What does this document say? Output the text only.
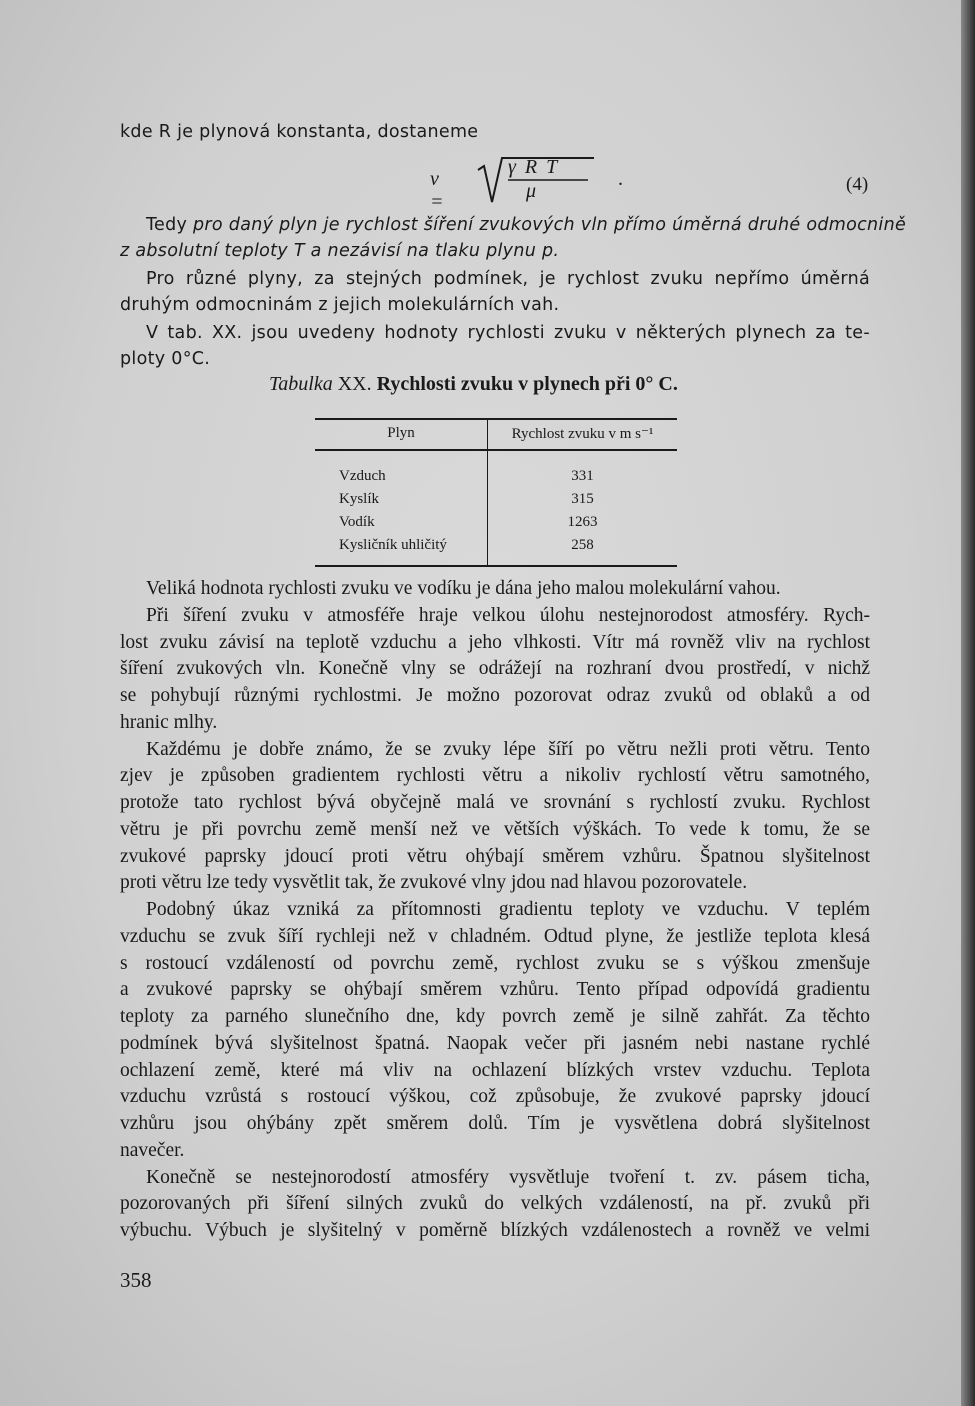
kde R je plynová konstanta, dostaneme
v =
γ R T
μ
.	(4)
Tedy pro daný plyn je rychlost šíření zvukových vln přímo úměrná druhé odmocnině
z absolutní teploty T a nezávisí na tlaku plynu p.
Pro různé plyny, za stejných podmínek, je rychlost zvuku nepřímo úměrná
druhým odmocninám z jejich molekulárních vah.
V tab. XX. jsou uvedeny hodnoty rychlosti zvuku v některých plynech za te-
ploty 0°C.
Tabulka XX. Rychlosti zvuku v plynech při 0° C.
Plyn	Rychlost zvuku v m s⁻¹

Vzduch	331
Kyslík	315
Vodík	1263
Kysličník uhličitý	258
Veliká hodnota rychlosti zvuku ve vodíku je dána jeho malou molekulární vahou.
Při šíření zvuku v atmosféře hraje velkou úlohu nestejnorodost atmosféry. Rych-
lost zvuku závisí na teplotě vzduchu a jeho vlhkosti. Vítr má rovněž vliv na rychlost
šíření zvukových vln. Konečně vlny se odrážejí na rozhraní dvou prostředí, v nichž
se pohybují různými rychlostmi. Je možno pozorovat odraz zvuků od oblaků a od
hranic mlhy.
Každému je dobře známo, že se zvuky lépe šíří po větru nežli proti větru. Tento
zjev je způsoben gradientem rychlosti větru a nikoliv rychlostí větru samotného,
protože tato rychlost bývá obyčejně malá ve srovnání s rychlostí zvuku. Rychlost
větru je při povrchu země menší než ve větších výškách. To vede k tomu, že se
zvukové paprsky jdoucí proti větru ohýbají směrem vzhůru. Špatnou slyšitelnost
proti větru lze tedy vysvětlit tak, že zvukové vlny jdou nad hlavou pozorovatele.
Podobný úkaz vzniká za přítomnosti gradientu teploty ve vzduchu. V teplém
vzduchu se zvuk šíří rychleji než v chladném. Odtud plyne, že jestliže teplota klesá
s rostoucí vzdáleností od povrchu země, rychlost zvuku se s výškou zmenšuje
a zvukové paprsky se ohýbají směrem vzhůru. Tento případ odpovídá gradientu
teploty za parného slunečního dne, kdy povrch země je silně zahřát. Za těchto
podmínek bývá slyšitelnost špatná. Naopak večer při jasném nebi nastane rychlé
ochlazení země, které má vliv na ochlazení blízkých vrstev vzduchu. Teplota
vzduchu vzrůstá s rostoucí výškou, což způsobuje, že zvukové paprsky jdoucí
vzhůru jsou ohýbány zpět směrem dolů. Tím je vysvětlena dobrá slyšitelnost
navečer.
Konečně se nestejnorodostí atmosféry vysvětluje tvoření t. zv. pásem ticha,
pozorovaných při šíření silných zvuků do velkých vzdáleností, na př. zvuků při
výbuchu. Výbuch je slyšitelný v poměrně blízkých vzdálenostech a rovněž ve velmi
358
